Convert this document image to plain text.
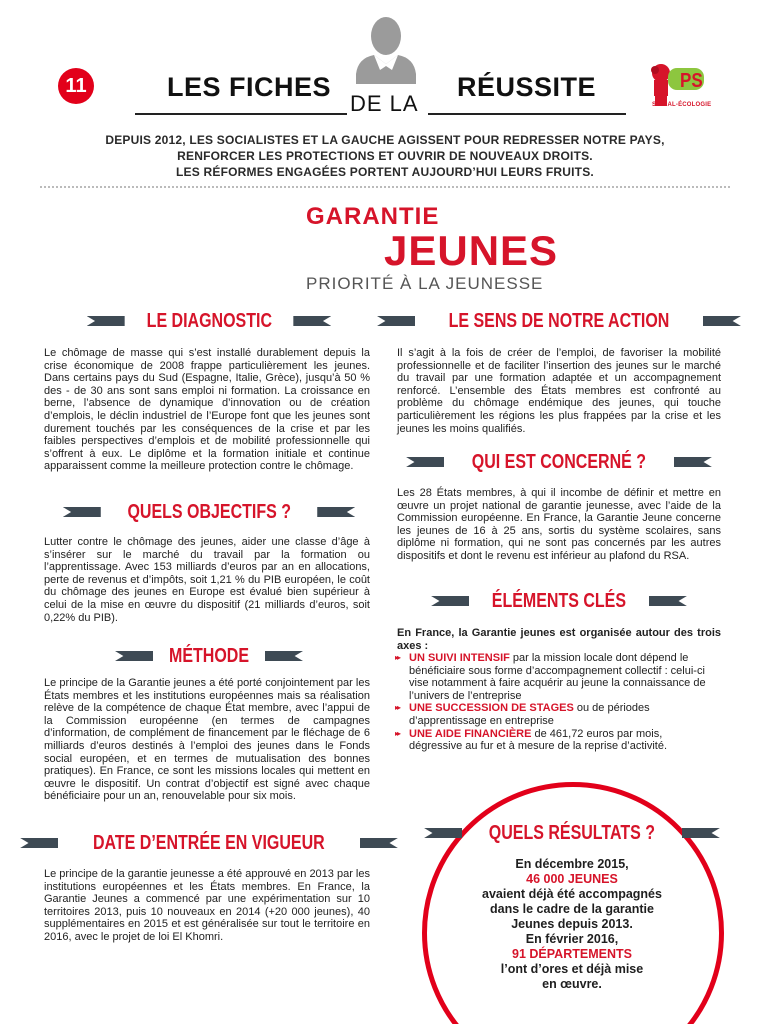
11	LES FICHES
DE LA
RÉUSSITE	PS
SOCIAL-ÉCOLOGIE
DEPUIS 2012, LES SOCIALISTES ET LA GAUCHE AGISSENT POUR REDRESSER NOTRE PAYS,
RENFORCER LES PROTECTIONS ET OUVRIR DE NOUVEAUX DROITS.
LES RÉFORMES ENGAGÉES PORTENT AUJOURD’HUI LEURS FRUITS.
GARANTIE
JEUNES
PRIORITÉ À LA JEUNESSE
LE DIAGNOSTIC
Le chômage de masse qui s’est installé durablement depuis la crise économique de 2008 frappe particulièrement les jeunes. Dans certains pays du Sud (Espagne, Italie, Grèce), jusqu’à 50 % des - de 30 ans sont sans emploi ni formation. La croissance en berne, l’absence de dynamique d’innovation ou de création d’emplois, le déclin industriel de l’Europe font que les jeunes sont durement touchés par les conséquences de la crise et par les faibles perspectives d’emplois et de mobilité professionnelle qui s’offrent à eux. Le diplôme et la formation initiale et continue apparaissent comme la meilleure protection contre le chômage.
QUELS OBJECTIFS ?
Lutter contre le chômage des jeunes, aider une classe d’âge à s’insérer sur le marché du travail par la formation ou l’apprentissage. Avec 153 milliards d’euros par an en allocations, perte de revenus et d’impôts, soit 1,21 % du PIB européen, le coût du chômage des jeunes en Europe est évalué bien supérieur à celui de la mise en œuvre du dispositif (21 milliards d’euros, soit 0,22% du PIB).
MÉTHODE
Le principe de la Garantie jeunes a été porté conjointement par les États membres et les institutions européennes mais sa réalisation relève de la compétence de chaque État membre, avec l’appui de la Commission européenne (en termes de campagnes d’information, de complément de financement par le fléchage de 6 milliards d’euros destinés à l’emploi des jeunes dans le Fonds social européen, et en termes de mutualisation des bonnes pratiques). En France, ce sont les missions locales qui mettent en œuvre le dispositif. Un contrat d’objectif est signé avec chaque bénéficiaire pour un an, renouvelable pour six mois.
DATE D’ENTRÉE EN VIGUEUR
Le principe de la garantie jeunesse a été approuvé en 2013 par les institutions européennes et les États membres. En France, la Garantie Jeunes a commencé par une expérimentation sur 10 territoires 2013, puis 10 nouveaux en 2014 (+20 000 jeunes), 40 supplémentaires en 2015 et est généralisée sur tout le territoire en 2016, avec le projet de loi El Khomri.
LE SENS DE NOTRE ACTION
Il s’agit à la fois de créer de l’emploi, de favoriser la mobilité professionnelle et de faciliter l’insertion des jeunes sur le marché du travail par une formation adaptée et un accompagnement renforcé. L’ensemble des États membres est confronté au problème du chômage endémique des jeunes, qui touche particulièrement les régions les plus frappées par la crise et les jeunes les moins qualifiés.
QUI EST CONCERNÉ ?
Les 28 États membres, à qui il incombe de définir et mettre en œuvre un projet national de garantie jeunesse, avec l’aide de la Commission européenne. En France, la Garantie Jeune concerne les jeunes de 16 à 25 ans, sortis du système scolaires, sans diplôme ni formation, qui ne sont pas concernés par les autres dispositifs et dont le revenu est inférieur au plafond du RSA.
ÉLÉMENTS CLÉS
En France, la Garantie jeunes est organisée autour des trois axes :
▸▸ UN SUIVI INTENSIF par la mission locale dont dépend le bénéficiaire sous forme d’accompagnement collectif : celui-ci vise notamment à faire acquérir au jeune la connaissance de l’univers de l’entreprise
▸▸ UNE SUCCESSION DE STAGES ou de périodes d’apprentissage en entreprise
▸▸ UNE AIDE FINANCIÈRE de 461,72 euros par mois, dégressive au fur et à mesure de la reprise d’activité.
QUELS RÉSULTATS ?
En décembre 2015,
46 000 JEUNES
avaient déjà été accompagnés
dans le cadre de la garantie
Jeunes depuis 2013.
En février 2016,
91 DÉPARTEMENTS
l’ont d’ores et déjà mise
en œuvre.
